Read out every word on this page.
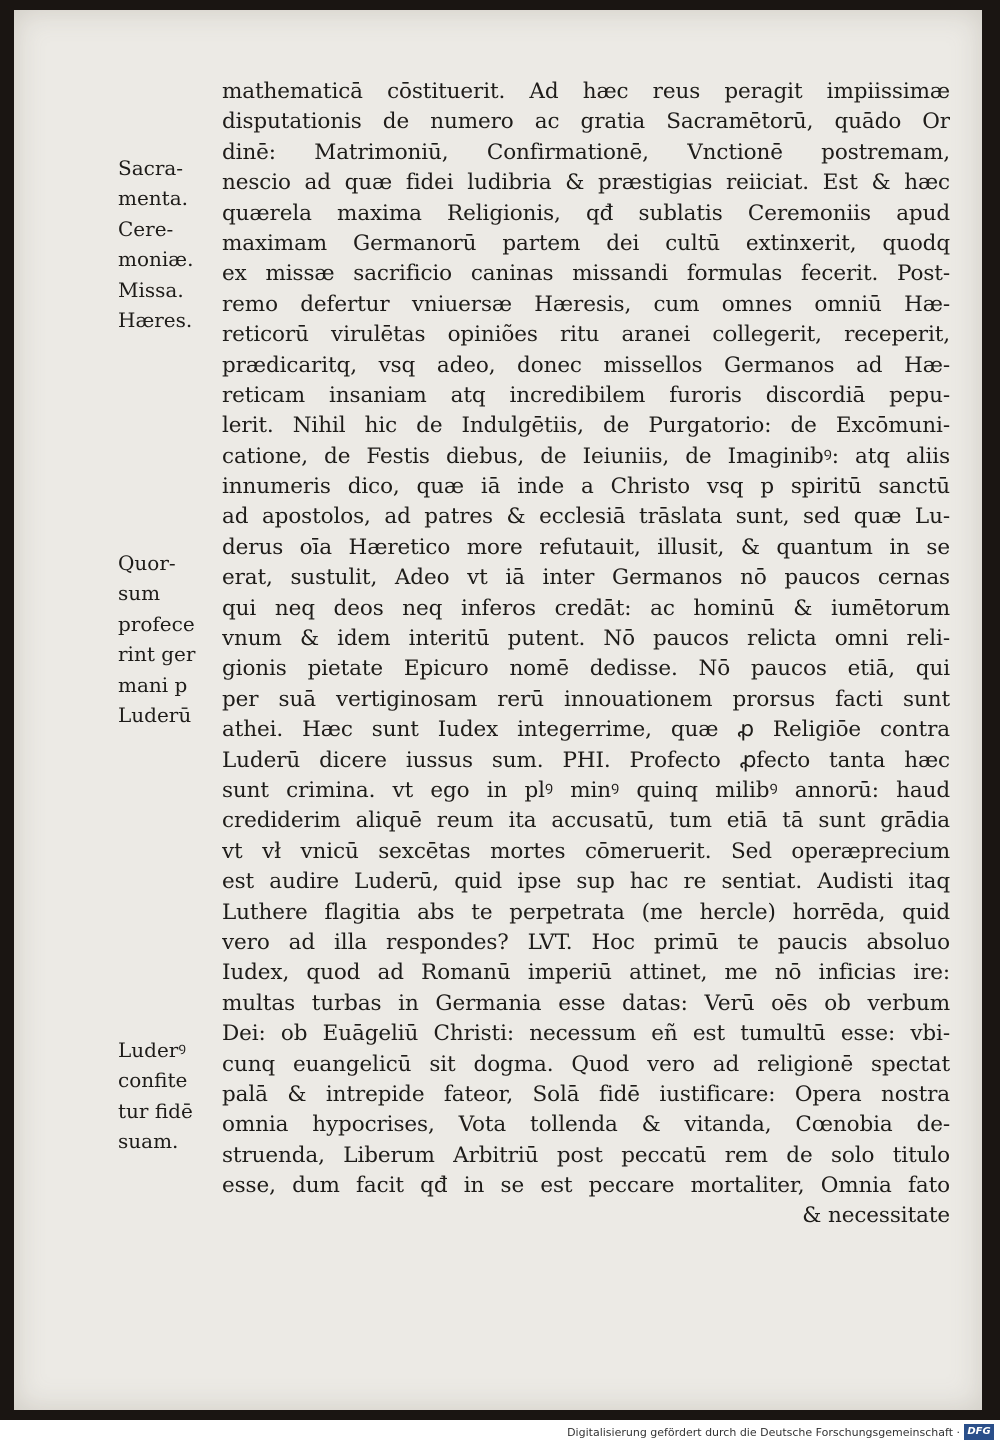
mathematicā cōstituerit. Ad hæc reus peragit impiissimæ
disputationis de numero ac gratia Sacramētorū, quādo Or
dinē: Matrimoniū, Confirmationē, Vnctionē postremam,
nescio ad quæ fidei ludibria & præstigias reiiciat. Est & hæc
quærela maxima Religionis, qđ sublatis Ceremoniis apud
maximam Germanorū partem dei cultū extinxerit, quodq
ex missæ sacrificio caninas missandi formulas fecerit. Post‑
remo defertur vniuersæ Hæresis, cum omnes omniū Hæ‑
reticorū virulētas opiniões ritu aranei collegerit, receperit,
prædicaritq, vsq adeo, donec missellos Germanos ad Hæ‑
reticam insaniam atq incredibilem furoris discordiā pepu‑
lerit. Nihil hic de Indulgētiis, de Purgatorio: de Excōmuni‑
catione, de Festis diebus, de Ieiuniis, de Imaginibꝰ: atq aliis
innumeris dico, quæ iā inde a Christo vsq p spiritū sanctū
ad apostolos, ad patres & ecclesiā trāslata sunt, sed quæ Lu‑
derus oīa Hæretico more refutauit, illusit, & quantum in se
erat, sustulit, Adeo vt iā inter Germanos nō paucos cernas
qui neq deos neq inferos credāt: ac hominū & iumētorum
vnum & idem interitū putent. Nō paucos relicta omni reli‑
gionis pietate Epicuro nomē dedisse. Nō paucos etiā, qui
per suā vertiginosam rerū innouationem prorsus facti sunt
athei. Hæc sunt Iudex integerrime, quæ ꝓ Religiōe contra
Luderū dicere iussus sum. PHI. Profecto ꝓfecto tanta hæc
sunt crimina. vt ego in plꝰ minꝰ quinq milibꝰ annorū: haud
crediderim aliquē reum ita accusatū, tum etiā tā sunt grādia
vt vł vnicū sexcētas mortes cōmeruerit. Sed operæprecium
est audire Luderū, quid ipse sup hac re sentiat. Audisti itaq
Luthere flagitia abs te perpetrata (me hercle) horrēda, quid
vero ad illa respondes? LVT. Hoc primū te paucis absoluo
Iudex, quod ad Romanū imperiū attinet, me nō inficias ire:
multas turbas in Germania esse datas: Verū oēs ob verbum
Dei: ob Euāgeliū Christi: necessum eñ est tumultū esse: vbi‑
cunq euangelicū sit dogma. Quod vero ad religionē spectat
palā & intrepide fateor, Solā fidē iustificare: Opera nostra
omnia hypocrises, Vota tollenda & vitanda, Cœnobia de‑
struenda, Liberum Arbitriū post peccatū rem de solo titulo
esse, dum facit qđ in se est peccare mortaliter, Omnia fato
& necessitate
Sacra‑
menta.
Cere‑
moniæ.
Missa.
Hæres.
Quor‑
sum
profece
rint ger
mani p
Luderū
Luderꝰ
confite
tur fidē
suam.
Digitalisierung gefördert durch die Deutsche Forschungsgemeinschaft · DFG
